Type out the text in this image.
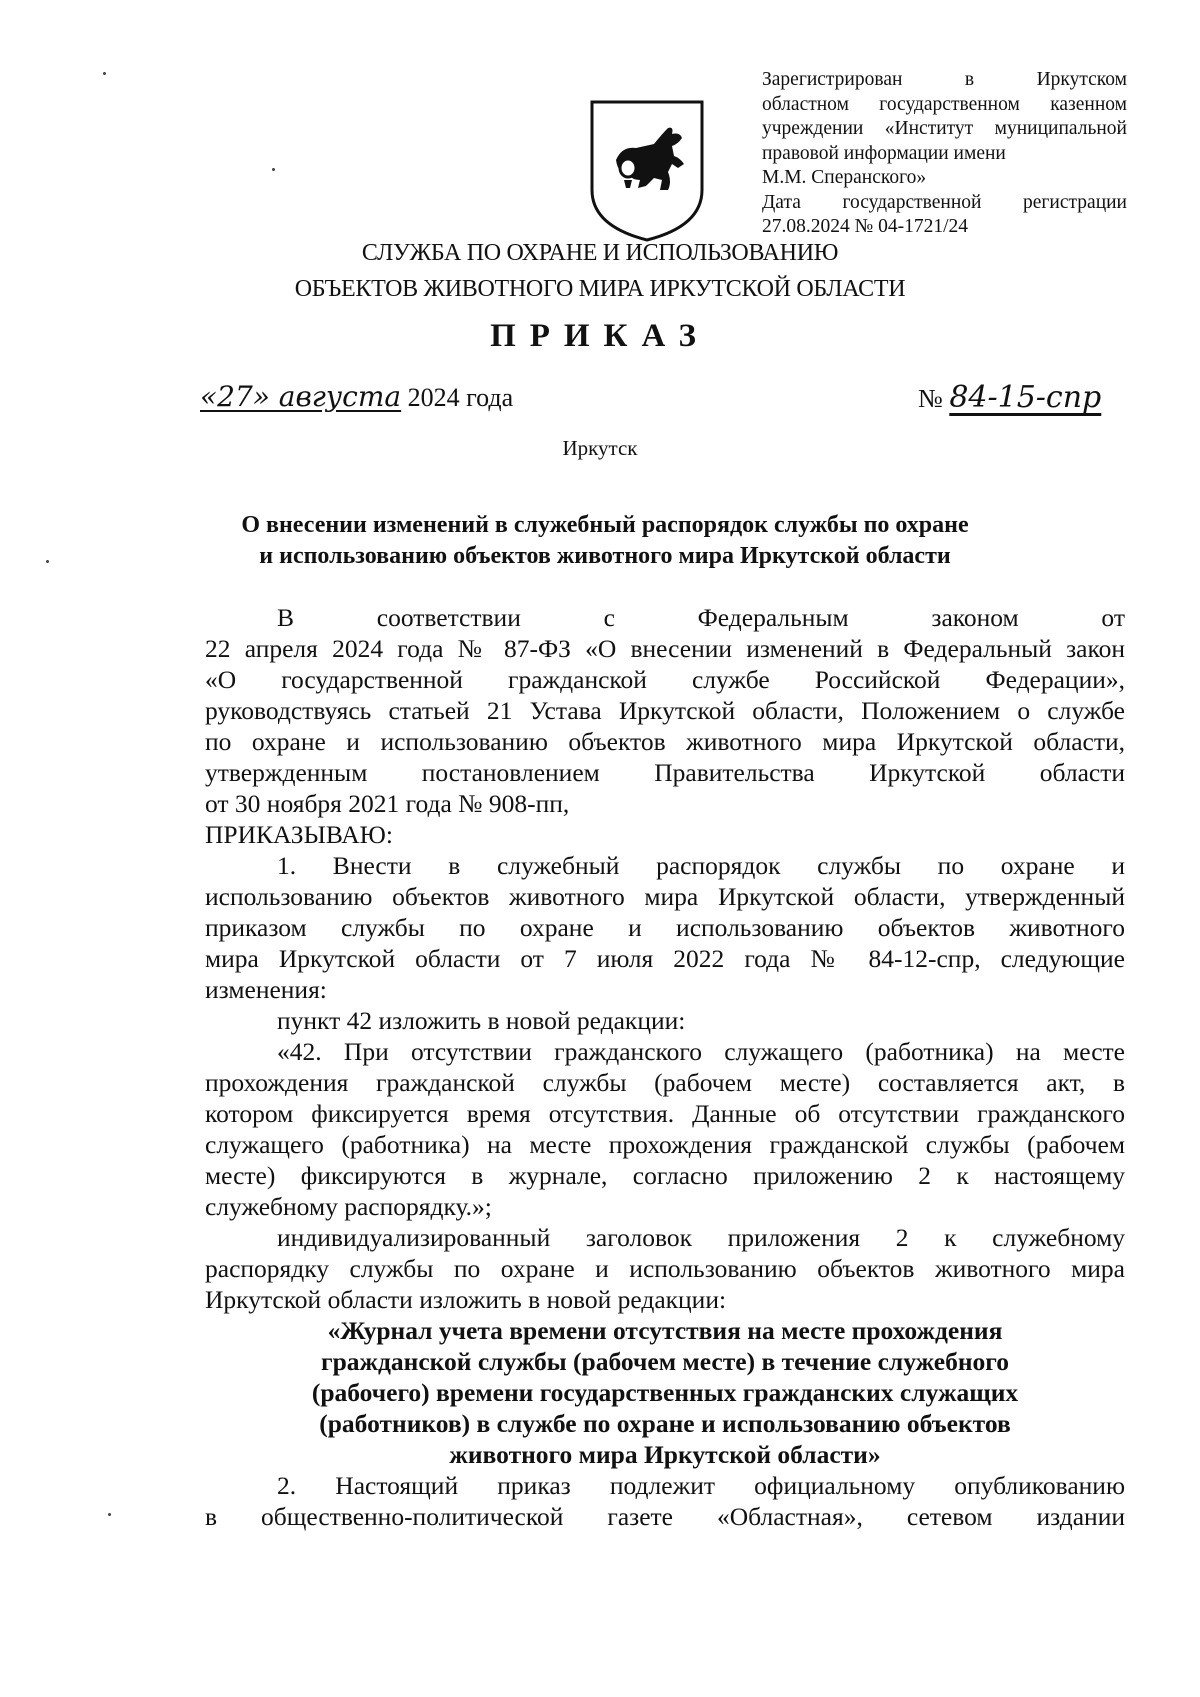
Зарегистрирован в Иркутском
областном государственном казенном
учреждении «Институт муниципальной
правовой информации имени
М.М. Сперанского»
Дата государственной регистрации
27.08.2024 № 04-1721/24
СЛУЖБА ПО ОХРАНЕ И ИСПОЛЬЗОВАНИЮ
ОБЪЕКТОВ ЖИВОТНОГО МИРА ИРКУТСКОЙ ОБЛАСТИ
ПРИКАЗ
«27» августа 2024 года	№ 84-15-спр
Иркутск
О внесении изменений в служебный распорядок службы по охране
и использованию объектов животного мира Иркутской области
В соответствии с Федеральным законом от
22 апреля 2024 года № 87-ФЗ «О внесении изменений в Федеральный закон
«О государственной гражданской службе Российской Федерации»,
руководствуясь статьей 21 Устава Иркутской области, Положением о службе
по охране и использованию объектов животного мира Иркутской области,
утвержденным постановлением Правительства Иркутской области
от 30 ноября 2021 года № 908-пп,
ПРИКАЗЫВАЮ:
1. Внести в служебный распорядок службы по охране и
использованию объектов животного мира Иркутской области, утвержденный
приказом службы по охране и использованию объектов животного
мира Иркутской области от 7 июля 2022 года № 84-12-спр, следующие
изменения:
пункт 42 изложить в новой редакции:
«42. При отсутствии гражданского служащего (работника) на месте
прохождения гражданской службы (рабочем месте) составляется акт, в
котором фиксируется время отсутствия. Данные об отсутствии гражданского
служащего (работника) на месте прохождения гражданской службы (рабочем
месте) фиксируются в журнале, согласно приложению 2 к настоящему
служебному распорядку.»;
индивидуализированный заголовок приложения 2 к служебному
распорядку службы по охране и использованию объектов животного мира
Иркутской области изложить в новой редакции:
«Журнал учета времени отсутствия на месте прохождения
гражданской службы (рабочем месте) в течение служебного
(рабочего) времени государственных гражданских служащих
(работников) в службе по охране и использованию объектов
животного мира Иркутской области»
2. Настоящий приказ подлежит официальному опубликованию
в общественно-политической газете «Областная», сетевом издании
